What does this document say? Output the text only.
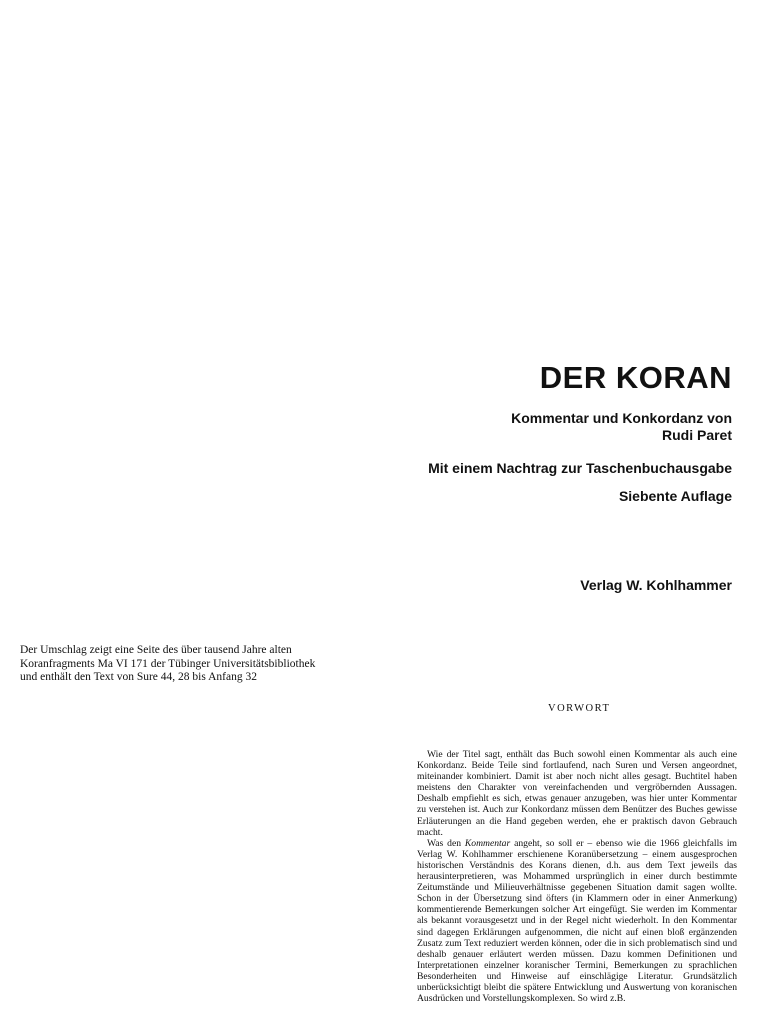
DER KORAN

Kommentar und Konkordanz von

Rudi Paret

Mit einem Nachtrag zur Taschenbuchausgabe

Siebente Auflage

Verlag W. Kohlhammer
Der Umschlag zeigt eine Seite des über tausend Jahre alten
Koranfragments Ma VI 171 der Tübinger Universitätsbibliothek
und enthält den Text von Sure 44, 28 bis Anfang 32
VORWORT

Wie der Titel sagt, enthält das Buch sowohl einen Kommentar als auch eine Konkordanz. Beide Teile sind fortlaufend, nach Suren und Versen angeordnet, miteinander kombiniert. Damit ist aber noch nicht alles gesagt. Buchtitel haben meistens den Charakter von vereinfachenden und vergröbernden Aussagen. Deshalb empfiehlt es sich, etwas genauer anzugeben, was hier unter Kommentar zu verstehen ist. Auch zur Konkordanz müssen dem Benützer des Buches gewisse Erläuterungen an die Hand gegeben werden, ehe er praktisch davon Gebrauch macht.

Was den Kommentar angeht, so soll er – ebenso wie die 1966 gleichfalls im Verlag W. Kohlhammer erschienene Koranübersetzung – einem ausgesprochen historischen Verständnis des Korans dienen, d.h. aus dem Text jeweils das herausinterpretieren, was Mohammed ursprünglich in einer durch bestimmte Zeitumstände und Milieuverhältnisse gegebenen Situation damit sagen wollte. Schon in der Übersetzung sind öfters (in Klammern oder in einer Anmerkung) kommentierende Bemerkungen solcher Art eingefügt. Sie werden im Kommentar als bekannt vorausgesetzt und in der Regel nicht wiederholt. In den Kommentar sind dagegen Erklärungen aufgenommen, die nicht auf einen bloß ergänzenden Zusatz zum Text reduziert werden können, oder die in sich problematisch sind und deshalb genauer erläutert werden müssen. Dazu kommen Definitionen und Interpretationen einzelner koranischer Termini, Bemerkungen zu sprachlichen Besonderheiten und Hinweise auf einschlägige Literatur. Grundsätzlich unberücksichtigt bleibt die spätere Entwicklung und Auswertung von koranischen Ausdrücken und Vorstellungskomplexen. So wird z.B.
